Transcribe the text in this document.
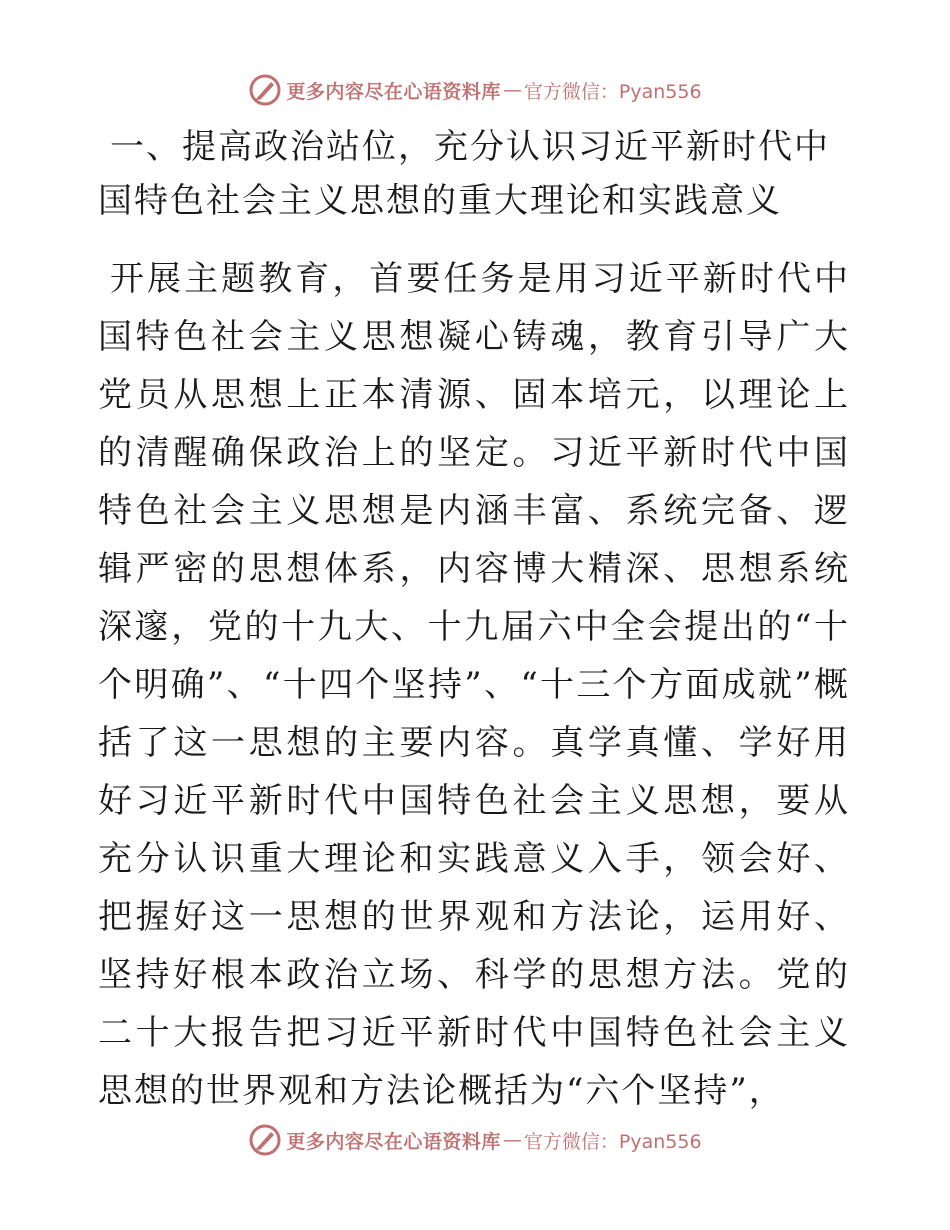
更多内容尽在心语资料库 — 官方微信：Pyan556
一、提高政治站位，充分认识习近平新时代中国特色社会主义思想的重大理论和实践意义

开展主题教育，首要任务是用习近平新时代中国特色社会主义思想凝心铸魂，教育引导广大党员从思想上正本清源、固本培元，以理论上的清醒确保政治上的坚定。习近平新时代中国特色社会主义思想是内涵丰富、系统完备、逻辑严密的思想体系，内容博大精深、思想系统深邃，党的十九大、十九届六中全会提出的“十个明确”、“十四个坚持”、“十三个方面成就”概括了这一思想的主要内容。真学真懂、学好用好习近平新时代中国特色社会主义思想，要从充分认识重大理论和实践意义入手，领会好、把握好这一思想的世界观和方法论，运用好、坚持好根本政治立场、科学的思想方法。党的二十大报告把习近平新时代中国特色社会主义思想的世界观和方法论概括为“六个坚持”，

更多内容尽在心语资料库 — 官方微信：Pyan556
